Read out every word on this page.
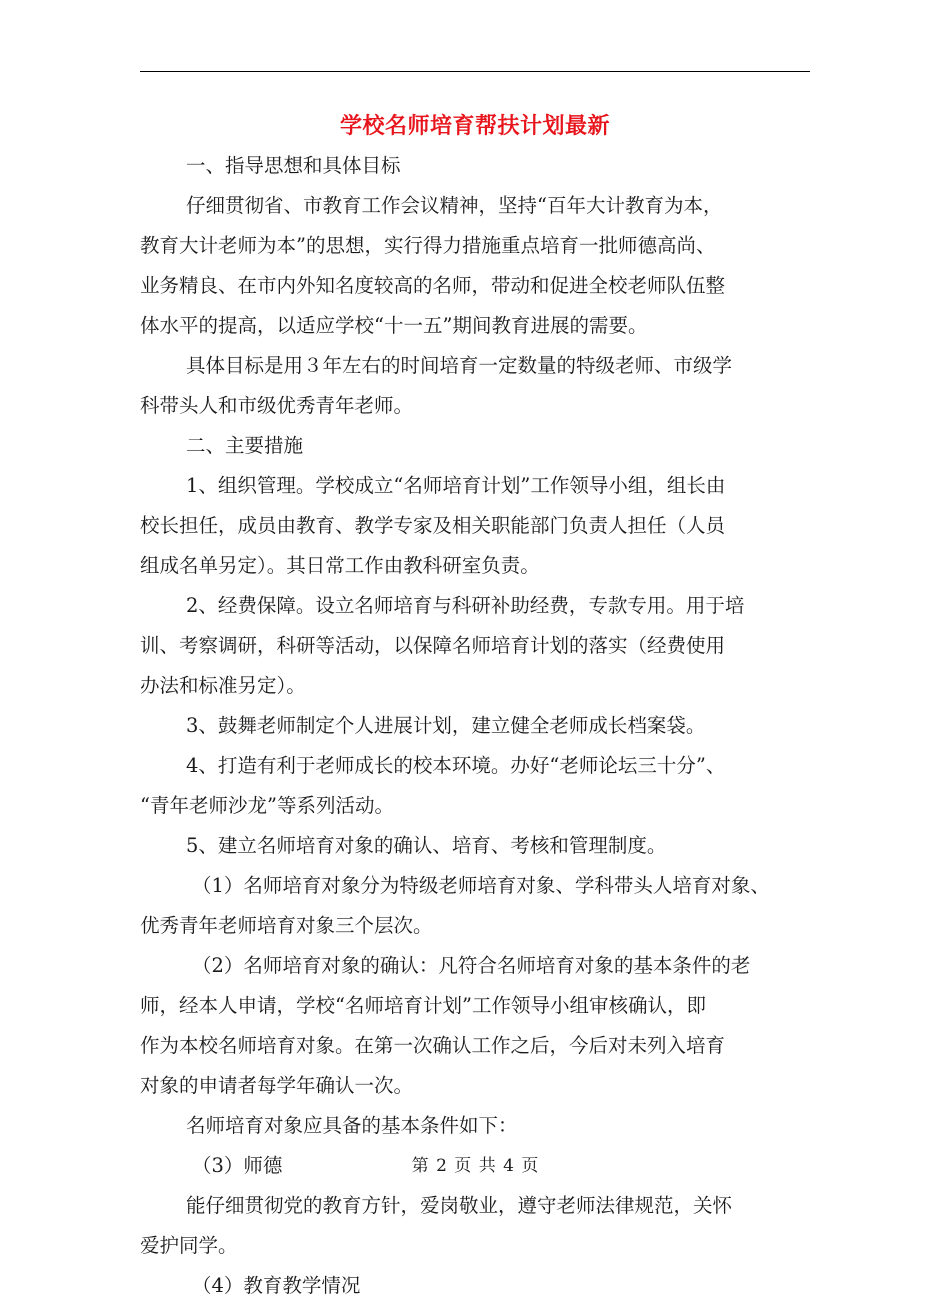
学校名师培育帮扶计划最新
一、指导思想和具体目标
仔细贯彻省、市教育工作会议精神，坚持“百年大计教育为本，
教育大计老师为本”的思想，实行得力措施重点培育一批师德高尚、
业务精良、在市内外知名度较高的名师，带动和促进全校老师队伍整
体水平的提高，以适应学校“十一五”期间教育进展的需要。
具体目标是用３年左右的时间培育一定数量的特级老师、市级学
科带头人和市级优秀青年老师。
二、主要措施
1、组织管理。学校成立“名师培育计划”工作领导小组，组长由
校长担任，成员由教育、教学专家及相关职能部门负责人担任（人员
组成名单另定）。其日常工作由教科研室负责。
2、经费保障。设立名师培育与科研补助经费，专款专用。用于培
训、考察调研，科研等活动，以保障名师培育计划的落实（经费使用
办法和标准另定）。
3、鼓舞老师制定个人进展计划，建立健全老师成长档案袋。
4、打造有利于老师成长的校本环境。办好“老师论坛三十分”、
“青年老师沙龙”等系列活动。
5、建立名师培育对象的确认、培育、考核和管理制度。
（1）名师培育对象分为特级老师培育对象、学科带头人培育对象、
优秀青年老师培育对象三个层次。
（2）名师培育对象的确认：凡符合名师培育对象的基本条件的老
师，经本人申请，学校“名师培育计划”工作领导小组审核确认，即
作为本校名师培育对象。在第一次确认工作之后，今后对未列入培育
对象的申请者每学年确认一次。
名师培育对象应具备的基本条件如下：
（3）师德
能仔细贯彻党的教育方针，爱岗敬业，遵守老师法律规范，关怀
爱护同学。
（4）教育教学情况
第 2 页 共 4 页
